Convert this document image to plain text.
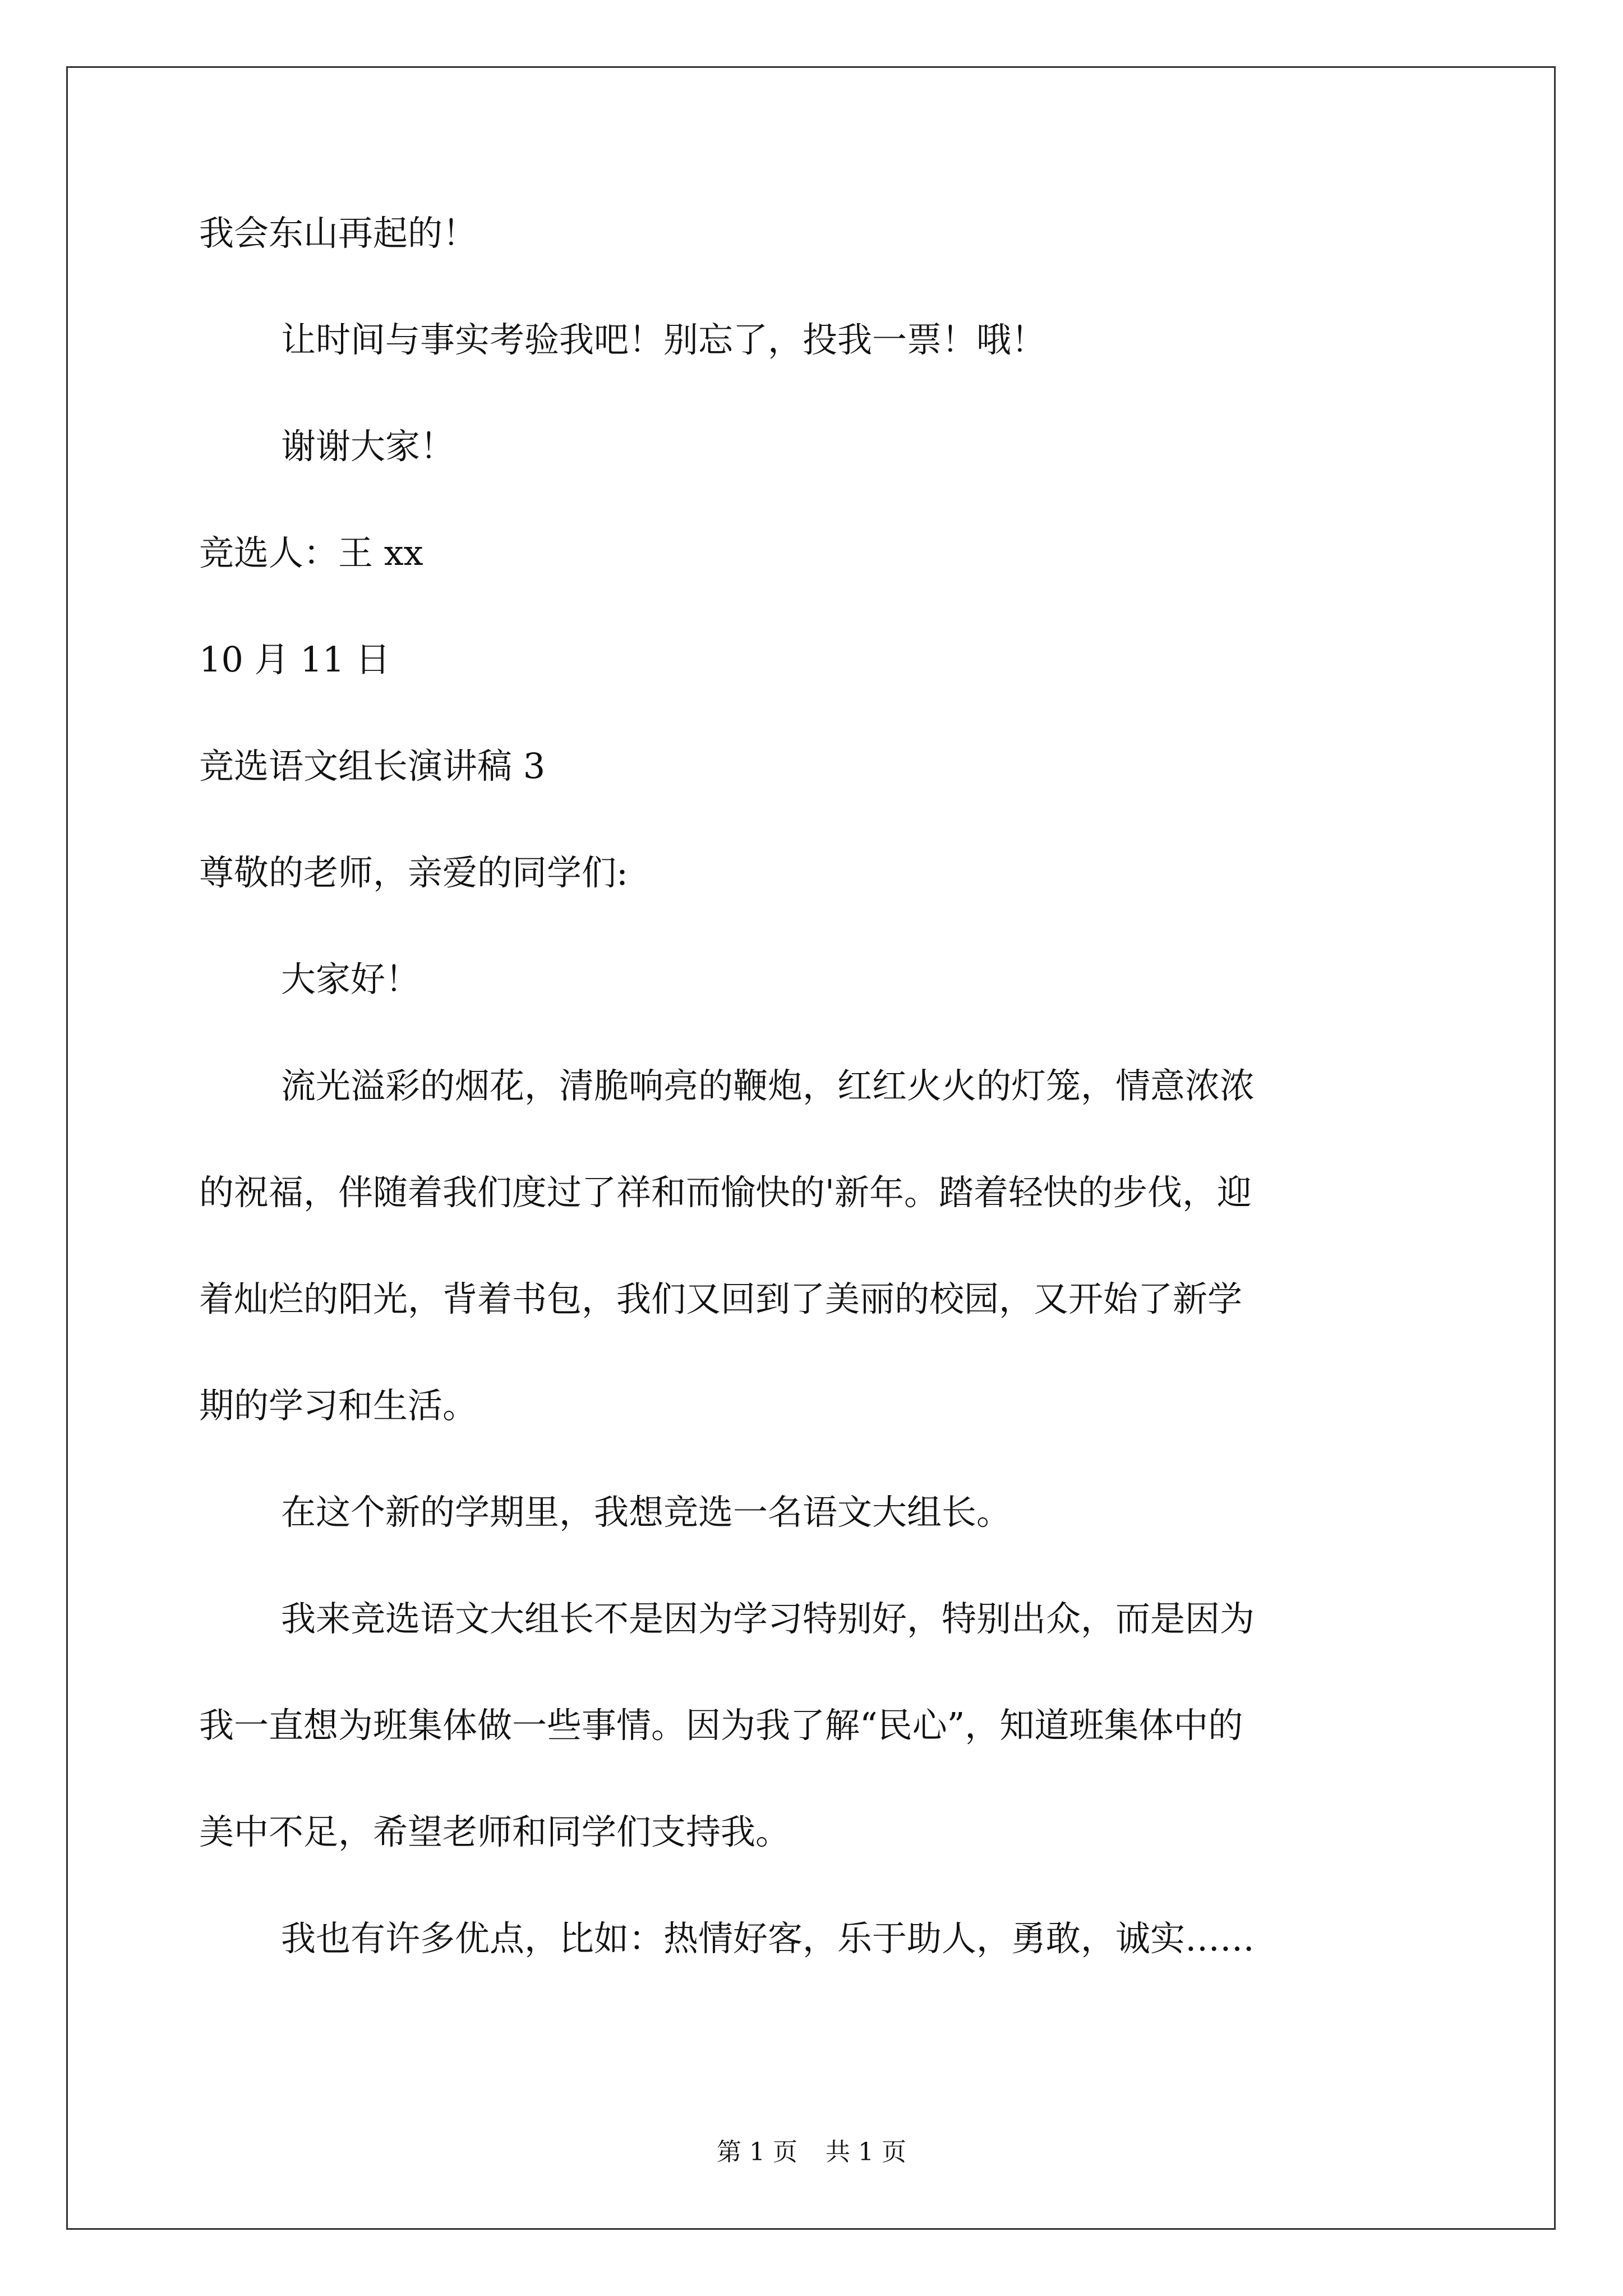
我会东山再起的！

让时间与事实考验我吧！别忘了，投我一票！哦！

谢谢大家！

竞选人：王 xx

10 月 11 日

竞选语文组长演讲稿 3

尊敬的老师，亲爱的同学们:

大家好！

流光溢彩的烟花，清脆响亮的鞭炮，红红火火的灯笼，情意浓浓

的祝福，伴随着我们度过了祥和而愉快的'新年。踏着轻快的步伐，迎

着灿烂的阳光，背着书包，我们又回到了美丽的校园，又开始了新学

期的学习和生活。

在这个新的学期里，我想竞选一名语文大组长。

我来竞选语文大组长不是因为学习特别好，特别出众，而是因为

我一直想为班集体做一些事情。因为我了解“民心”，知道班集体中的

美中不足，希望老师和同学们支持我。

我也有许多优点，比如：热情好客，乐于助人，勇敢，诚实……

第 1 页 共 1 页
